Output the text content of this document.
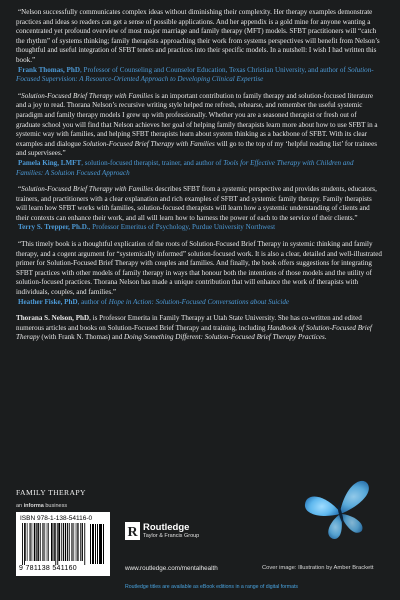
“Nelson successfully communicates complex ideas without diminishing their complexity. Her therapy examples demonstrate practices and ideas so readers can get a sense of possible applications. And her appendix is a gold mine for anyone wanting a concentrated yet profound overview of most major marriage and family therapy (MFT) models. SFBT practitioners will “catch the rhythm” of systems thinking; family therapists approaching their work from systems perspectives will benefit from Nelson’s thoughtful and useful integration of SFBT tenets and practices into their specific models. In a nutshell: I wish I had written this book.”

Frank Thomas, PhD, Professor of Counseling and Counselor Education, Texas Christian University, and author of Solution-Focused Supervision: A Resource-Oriented Approach to Developing Clinical Expertise

“Solution-Focused Brief Therapy with Families is an important contribution to family therapy and solution-focused literature and a joy to read. Thorana Nelson’s recursive writing style helped me refresh, rehearse, and remember the useful systemic paradigm and family therapy models I grew up with professionally. Whether you are a seasoned therapist or fresh out of graduate school you will find that Nelson achieves her goal of helping family therapists learn more about how to use SFBT in a systemic way with families, and helping SFBT therapists learn about system thinking as a backbone of SFBT. With its clear examples and dialogue Solution-Focused Brief Therapy with Families will go to the top of my ‘helpful reading list’ for trainees and supervisees.”

Pamela King, LMFT, solution-focused therapist, trainer, and author of Tools for Effective Therapy with Children and Families: A Solution Focused Approach

“Solution-Focused Brief Therapy with Families describes SFBT from a systemic perspective and provides students, educators, trainers, and practitioners with a clear explanation and rich examples of SFBT and systemic family therapy. Family therapists will learn how SFBT works with families, solution-focused therapists will learn how a systemic understanding of clients and their contexts can enhance their work, and all will learn how to harness the power of each to the service of their clients.”

Terry S. Trepper, Ph.D., Professor Emeritus of Psychology, Purdue University Northwest

“This timely book is a thoughtful explication of the roots of Solution-Focused Brief Therapy in systemic thinking and family therapy, and a cogent argument for “systemically informed” solution-focused work. It is also a clear, detailed and well-illustrated primer for Solution-Focused Brief Therapy with couples and families. And finally, the book offers suggestions for integrating SFBT practices with other models of family therapy in ways that honour both the intentions of those models and the utility of solution-focused practices. Thorana Nelson has made a unique contribution that will enhance the work of therapists with individuals, couples, and families.”

Heather Fiske, PhD, author of Hope in Action: Solution-Focused Conversations about Suicide

Thorana S. Nelson, PhD, is Professor Emerita in Family Therapy at Utah State University. She has co-written and edited numerous articles and books on Solution-Focused Brief Therapy and training, including Handbook of Solution-Focused Brief Therapy (with Frank N. Thomas) and Doing Something Different: Solution-Focused Brief Therapy Practices.

FAMILY THERAPY
an informa business
ISBN 978-1-138-54116-0
9 781138 541160
R Routledge
Taylor & Francis Group
www.routledge.com/mentalhealth	Cover image: Illustration by Amber Brackett
Routledge titles are available as eBook editions in a range of digital formats
